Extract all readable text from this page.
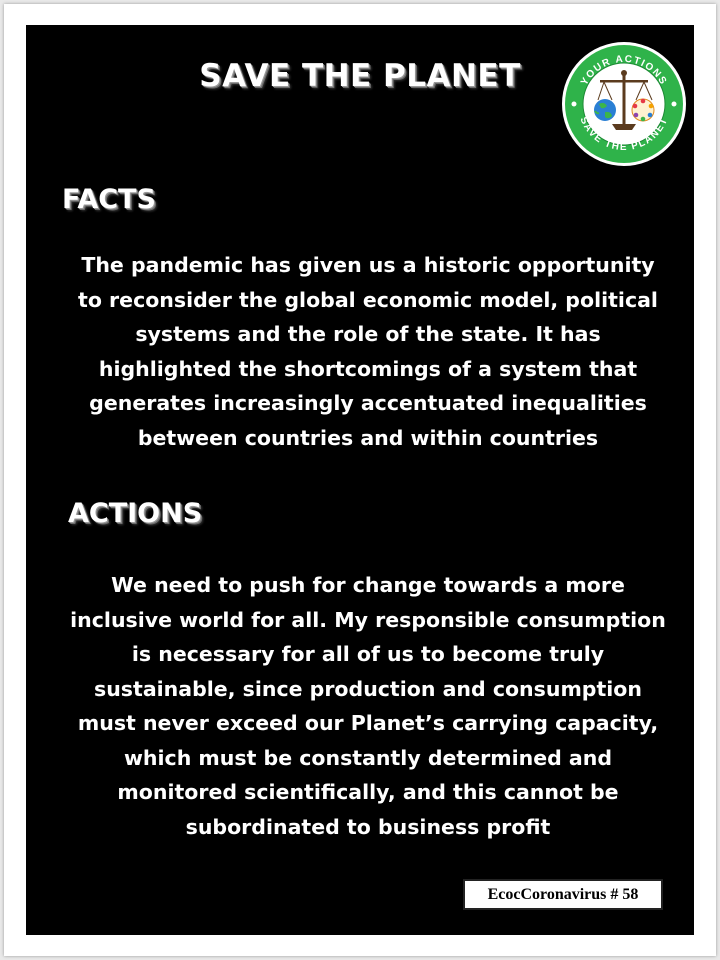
SAVE THE PLANET	YOUR ACTIONS
SAVE THE PLANET
FACTS
The pandemic has given us a historic opportunity
to reconsider the global economic model, political
systems and the role of the state. It has
highlighted the shortcomings of a system that
generates increasingly accentuated inequalities
between countries and within countries
ACTIONS
We need to push for change towards a more
inclusive world for all. My responsible consumption
is necessary for all of us to become truly
sustainable, since production and consumption
must never exceed our Planet’s carrying capacity,
which must be constantly determined and
monitored scientifically, and this cannot be
subordinated to business profit
EcocCoronavirus # 58
